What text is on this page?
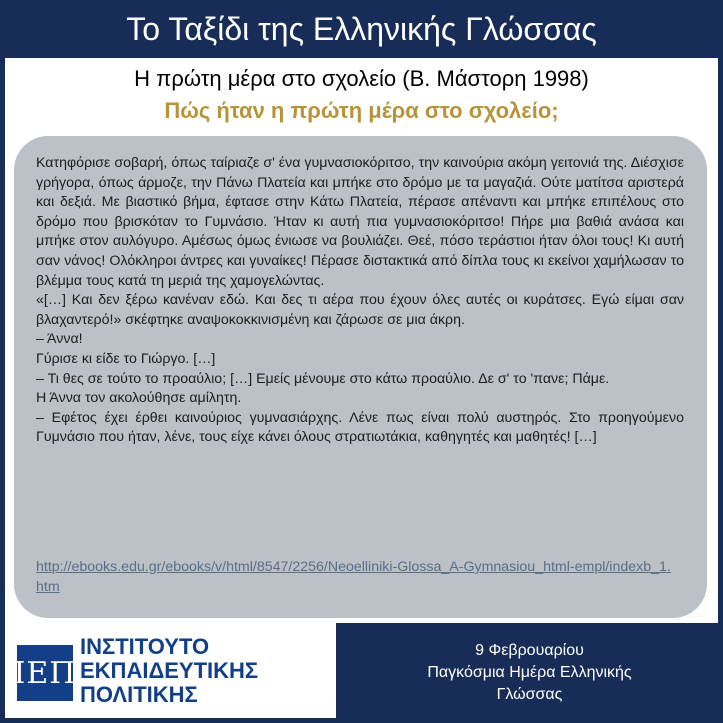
Το Ταξίδι της Ελληνικής Γλώσσας
Η πρώτη μέρα στο σχολείο (Β. Μάστορη 1998)
Πώς ήταν η πρώτη μέρα στο σχολείο;

Κατηφόρισε σοβαρή, όπως ταίριαζε σ' ένα γυμνασιοκόριτσο, την καινούρια ακόμη γειτονιά της. Διέσχισε γρήγορα, όπως άρμοζε, την Πάνω Πλατεία και μπήκε στο δρόμο με τα μαγαζιά. Ούτε ματίτσα αριστερά και δεξιά. Με βιαστικό βήμα, έφτασε στην Κάτω Πλατεία, πέρασε απέναντι και μπήκε επιπέλους στο δρόμο που βρισκόταν το Γυμνάσιο. Ήταν κι αυτή πια γυμνασιοκόριτσο! Πήρε μια βαθιά ανάσα και μπήκε στον αυλόγυρο. Αμέσως όμως ένιωσε να βουλιάζει. Θεέ, πόσο τεράστιοι ήταν όλοι τους! Κι αυτή σαν νάνος! Ολόκληροι άντρες και γυναίκες! Πέρασε διστακτικά από δίπλα τους κι εκείνοι χαμήλωσαν το βλέμμα τους κατά τη μεριά της χαμογελώντας.

«[…] Και δεν ξέρω κανέναν εδώ. Και δες τι αέρα που έχουν όλες αυτές οι κυράτσες. Εγώ είμαι σαν βλαχαντερό!» σκέφτηκε αναψοκοκκινισμένη και ζάρωσε σε μια άκρη.

– Άννα!

Γύρισε κι είδε το Γιώργο. […]

– Τι θες σε τούτο το προαύλιο; […] Εμείς μένουμε στο κάτω προαύλιο. Δε σ' το 'πανε; Πάμε.

Η Άννα τον ακολούθησε αμίλητη.

– Εφέτος έχει έρθει καινούριος γυμνασιάρχης. Λένε πως είναι πολύ αυστηρός. Στο προηγούμενο Γυμνάσιο που ήταν, λένε, τους είχε κάνει όλους στρατιωτάκια, καθηγητές και μαθητές! […]

http://ebooks.edu.gr/ebooks/v/html/8547/2256/Neoelliniki-Glossa_A-Gymnasiou_html-empl/indexb_1.htm
ΙΕΠ
ΙΝΣΤΙΤΟΥΤΟ
ΕΚΠΑΙΔΕΥΤΙΚΗΣ
ΠΟΛΙΤΙΚΗΣ
9 Φεβρουαρίου
Παγκόσμια Ημέρα Ελληνικής
Γλώσσας
